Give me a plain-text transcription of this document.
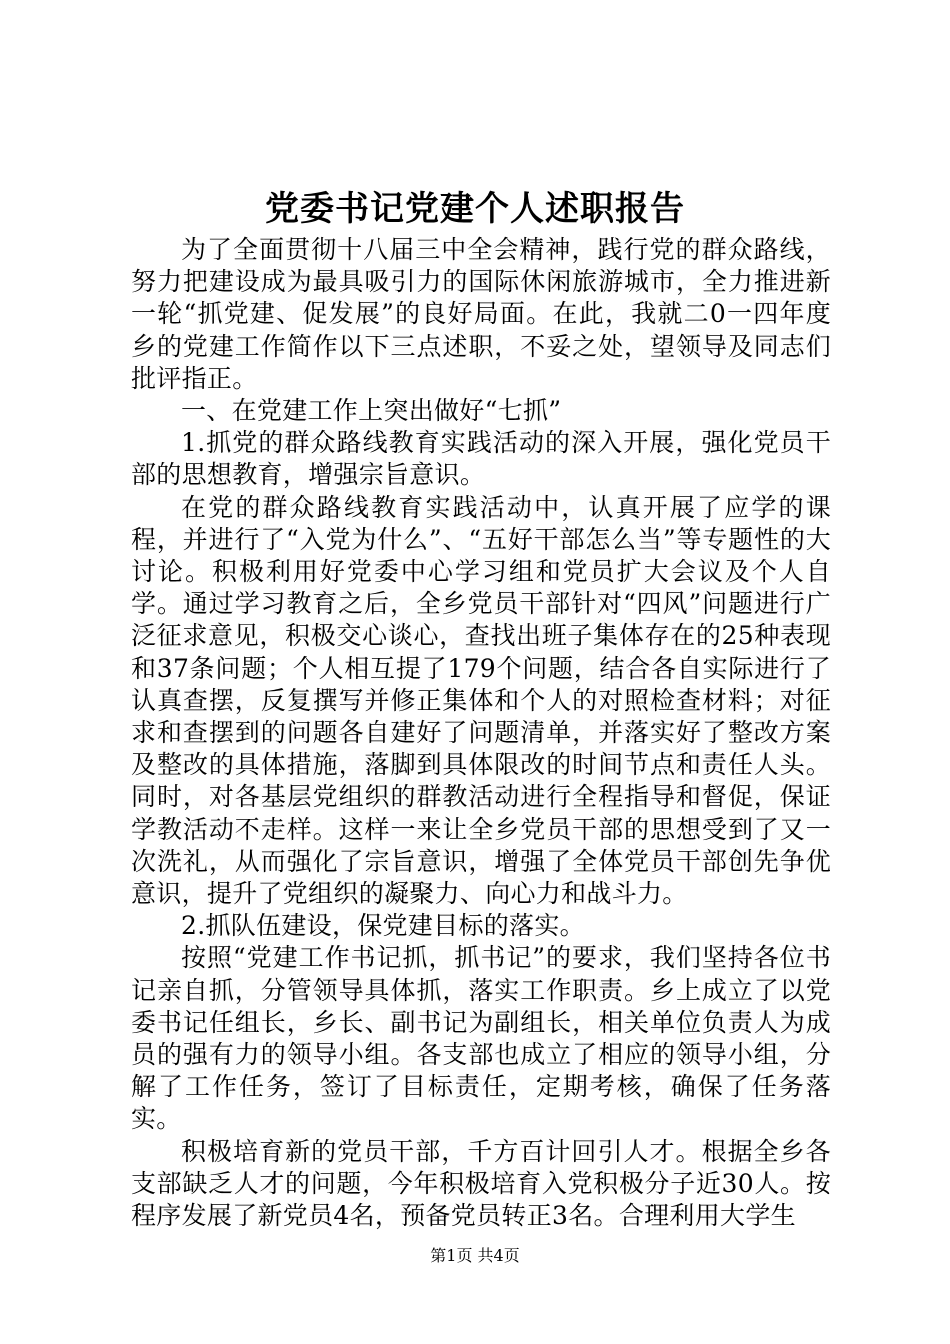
党委书记党建个人述职报告

为了全面贯彻十八届三中全会精神，践行党的群众路线，努力把建设成为最具吸引力的国际休闲旅游城市，全力推进新一轮“抓党建、促发展”的良好局面。在此，我就二0一四年度乡的党建工作简作以下三点述职，不妥之处，望领导及同志们批评指正。

一、在党建工作上突出做好“七抓”

1.抓党的群众路线教育实践活动的深入开展，强化党员干部的思想教育，增强宗旨意识。

在党的群众路线教育实践活动中，认真开展了应学的课程，并进行了“入党为什么”、“五好干部怎么当”等专题性的大讨论。积极利用好党委中心学习组和党员扩大会议及个人自学。通过学习教育之后，全乡党员干部针对“四风”问题进行广泛征求意见，积极交心谈心，查找出班子集体存在的25种表现和37条问题；个人相互提了179个问题，结合各自实际进行了认真查摆，反复撰写并修正集体和个人的对照检查材料；对征求和查摆到的问题各自建好了问题清单，并落实好了整改方案及整改的具体措施，落脚到具体限改的时间节点和责任人头。同时，对各基层党组织的群教活动进行全程指导和督促，保证学教活动不走样。这样一来让全乡党员干部的思想受到了又一次洗礼，从而强化了宗旨意识，增强了全体党员干部创先争优意识，提升了党组织的凝聚力、向心力和战斗力。

2.抓队伍建设，保党建目标的落实。

按照“党建工作书记抓，抓书记”的要求，我们坚持各位书记亲自抓，分管领导具体抓，落实工作职责。乡上成立了以党委书记任组长，乡长、副书记为副组长，相关单位负责人为成员的强有力的领导小组。各支部也成立了相应的领导小组，分解了工作任务，签订了目标责任，定期考核，确保了任务落实。

积极培育新的党员干部，千方百计回引人才。根据全乡各支部缺乏人才的问题，今年积极培育入党积极分子近30人。按程序发展了新党员4名，预备党员转正3名。合理利用大学生

第1页 共4页
